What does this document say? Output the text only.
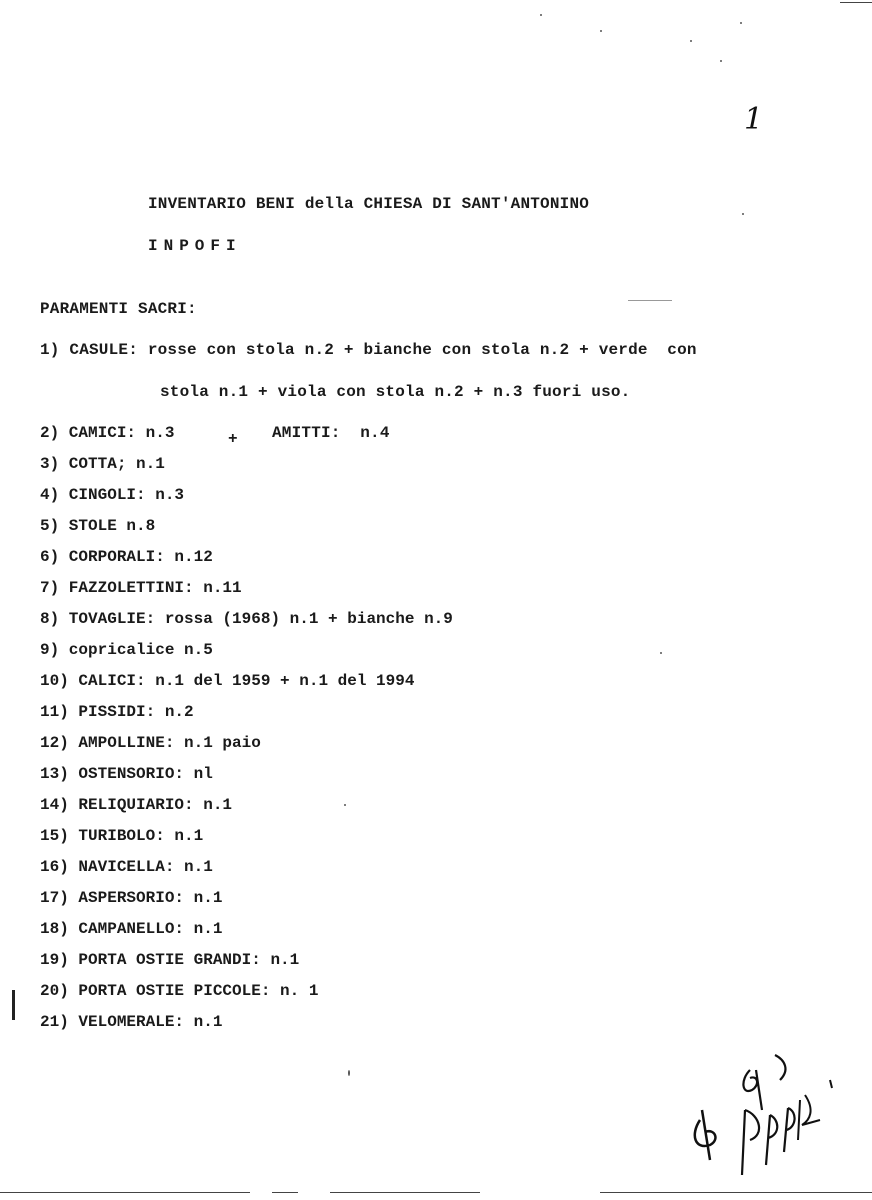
1
INVENTARIO BENI della CHIESA DI SANT'ANTONINO
INPOFI
PARAMENTI SACRI:
1) CASULE: rosse con stola n.2 + bianche con stola n.2 + verde  con
stola n.1 + viola con stola n.2 + n.3 fuori uso.
2) CAMICI: n.3
3) COTTA; n.1
4) CINGOLI: n.3
5) STOLE n.8
6) CORPORALI: n.12
7) FAZZOLETTINI: n.11
8) TOVAGLIE: rossa (1968) n.1 + bianche n.9
9) copricalice n.5
10) CALICI: n.1 del 1959 + n.1 del 1994
11) PISSIDI: n.2
12) AMPOLLINE: n.1 paio
13) OSTENSORIO: nl
14) RELIQUIARIO: n.1
15) TURIBOLO: n.1
16) NAVICELLA: n.1
17) ASPERSORIO: n.1
18) CAMPANELLO: n.1
19) PORTA OSTIE GRANDI: n.1
20) PORTA OSTIE PICCOLE: n. 1
21) VELOMERALE: n.1
+ AMITTI:  n.4
